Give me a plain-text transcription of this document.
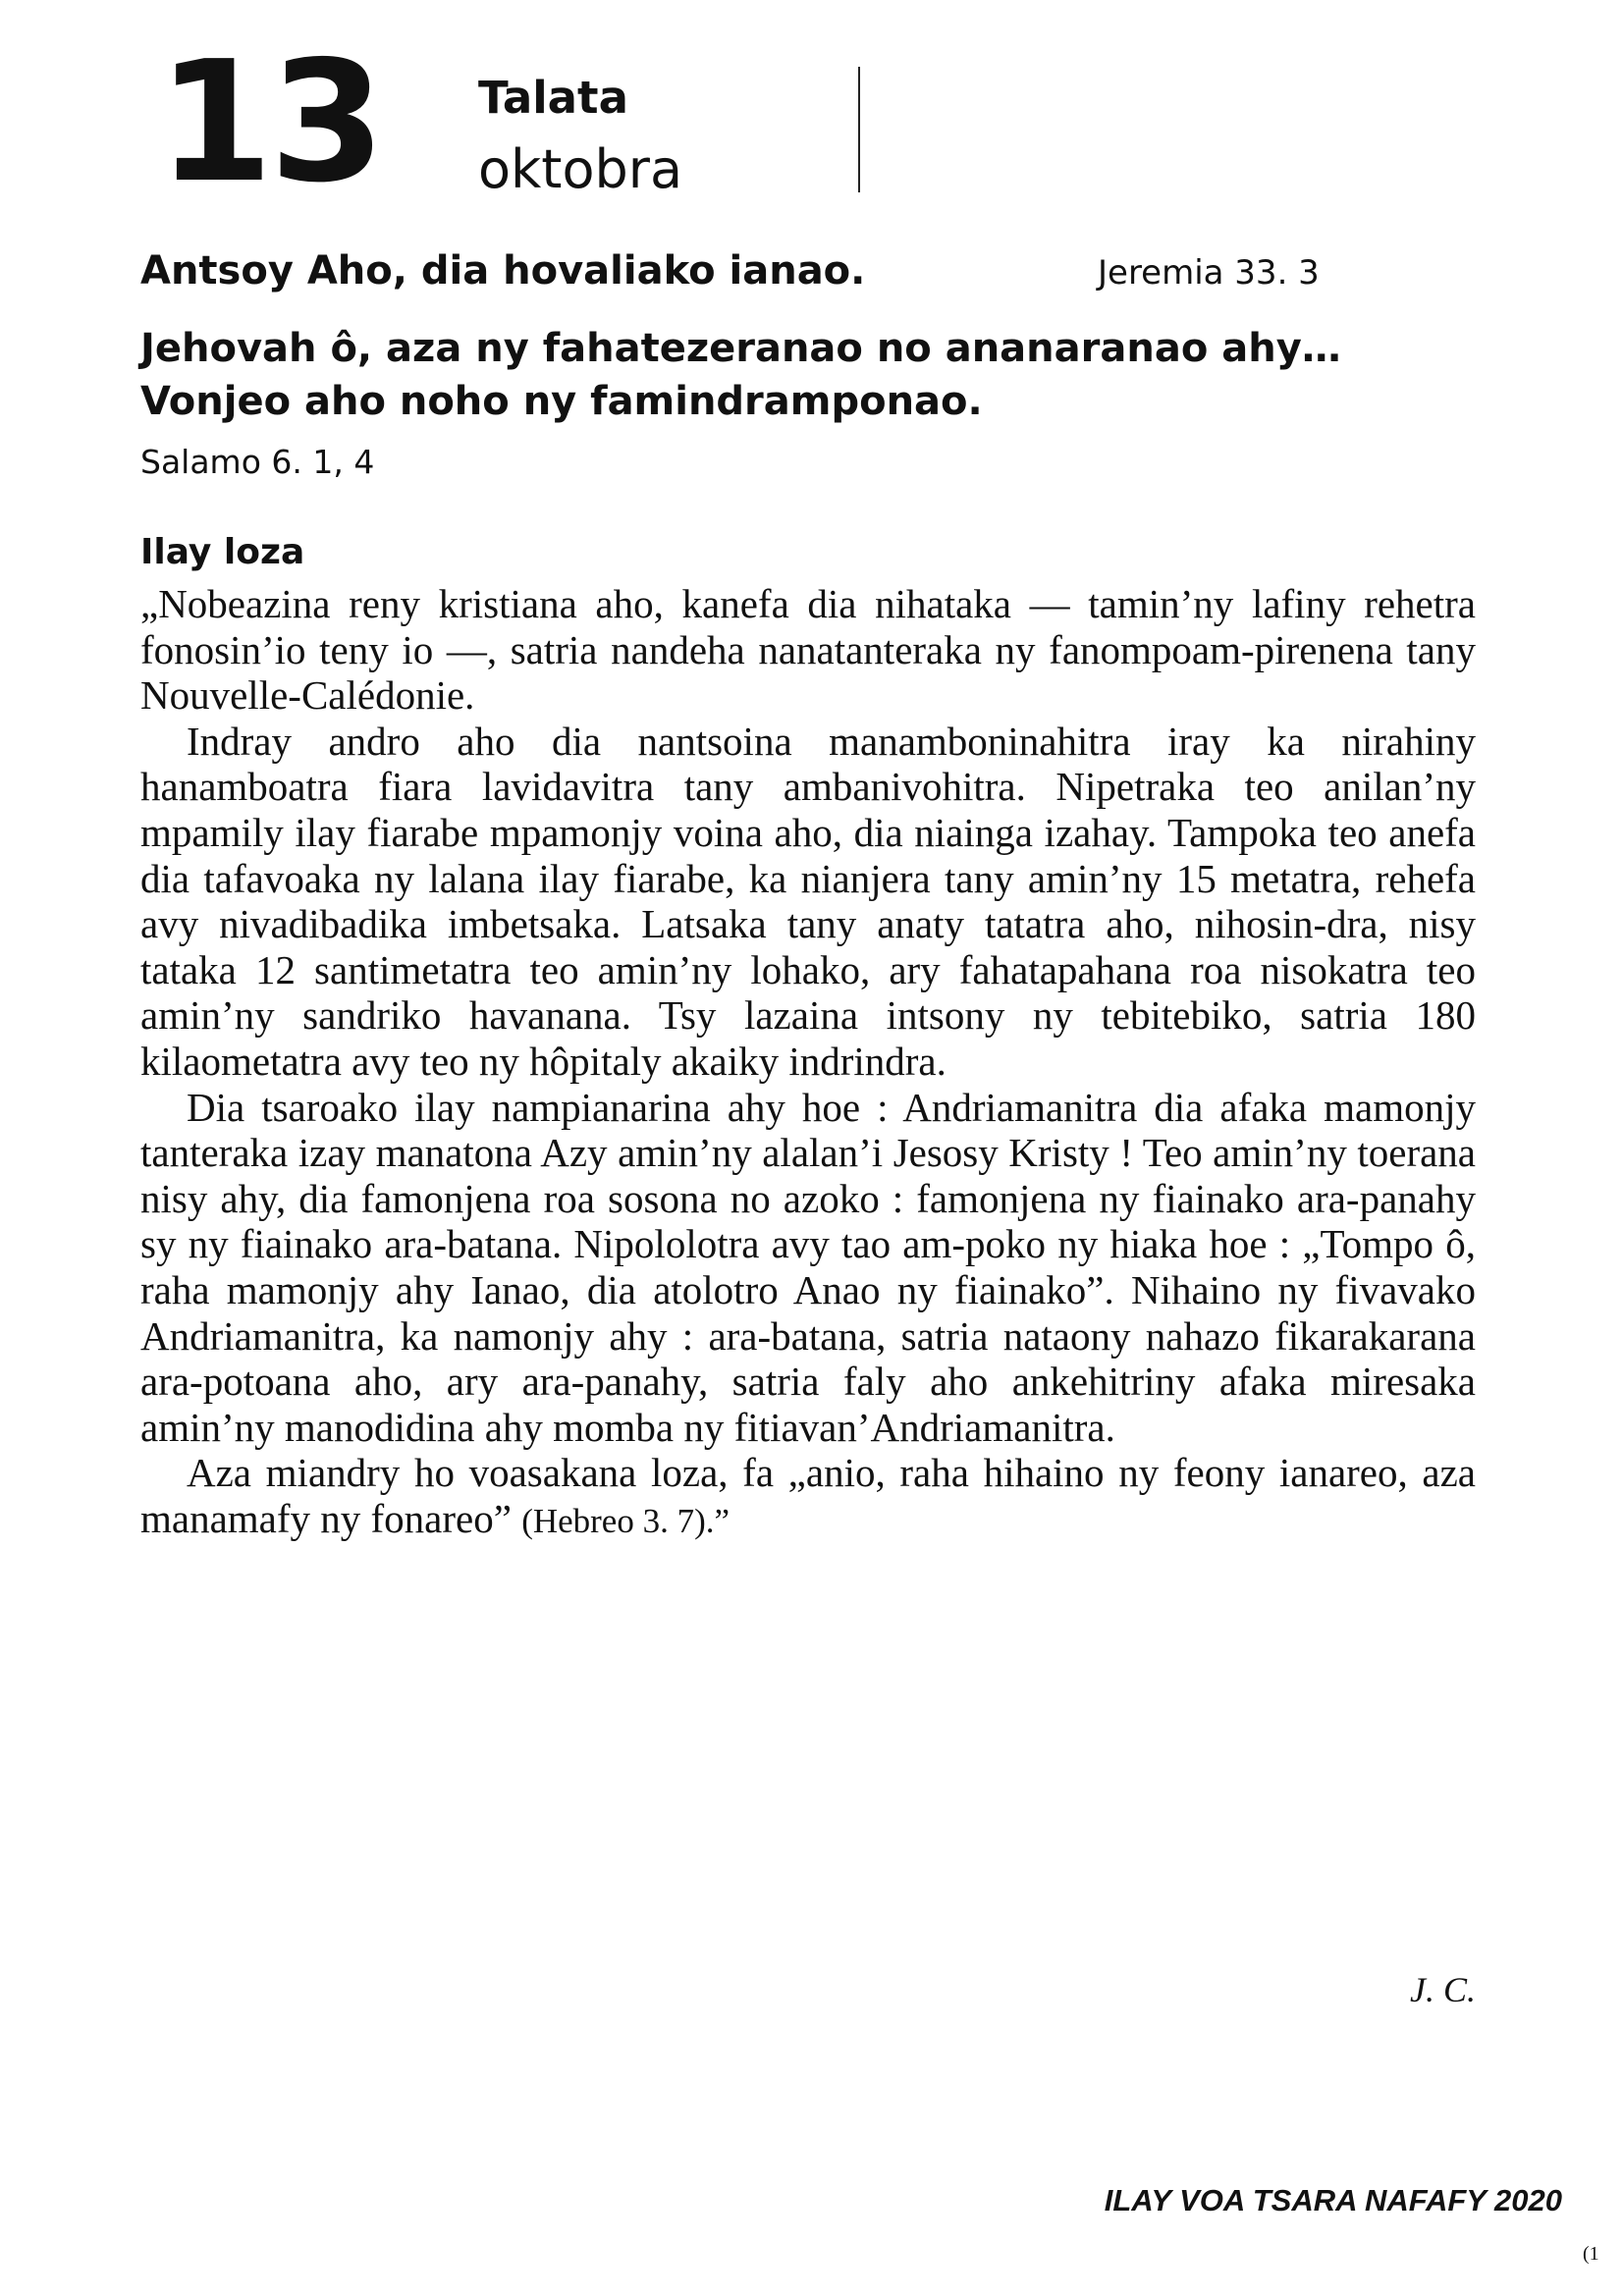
13 Talata
oktobra
Antsoy Aho, dia hovaliako ianao.	Jeremia 33. 3
Jehovah ô, aza ny fahatezeranao no ananaranao ahy… Vonjeo aho noho ny famindramponao.
Salamo 6. 1, 4
Ilay loza

„Nobeazina reny kristiana aho, kanefa dia nihataka — tamin’ny lafiny rehetra fonosin’io teny io —, satria nandeha nanatanteraka ny fanompoam-pirenena tany Nouvelle-Calédonie.

Indray andro aho dia nantsoina manamboninahitra iray ka nirahiny hanamboatra fiara lavidavitra tany ambanivohitra. Nipetraka teo anilan’ny mpamily ilay fiarabe mpamonjy voina aho, dia niainga izahay. Tampoka teo anefa dia tafavoaka ny lalana ilay fiarabe, ka nianjera tany amin’ny 15 metatra, rehefa avy nivadibadika imbetsaka. Latsaka tany anaty tatatra aho, nihosin-dra, nisy tataka 12 santimetatra teo amin’ny lohako, ary fahatapahana roa nisokatra teo amin’ny sandriko havanana. Tsy lazaina intsony ny tebitebiko, satria 180 kilaometatra avy teo ny hôpitaly akaiky indrindra.

Dia tsaroako ilay nampianarina ahy hoe : Andriamanitra dia afaka mamonjy tanteraka izay manatona Azy amin’ny alalan’i Jesosy Kristy ! Teo amin’ny toerana nisy ahy, dia famonjena roa sosona no azoko : famonjena ny fiainako ara-panahy sy ny fiainako ara-batana. Nipololotra avy tao am-poko ny hiaka hoe : „Tompo ô, raha mamonjy ahy Ianao, dia atolotro Anao ny fiainako”. Nihaino ny fivavako Andriamanitra, ka namonjy ahy : ara-batana, satria nataony nahazo fikarakarana ara-potoana aho, ary ara-panahy, satria faly aho ankehitriny afaka miresaka amin’ny manodidina ahy momba ny fitiavan’Andriamanitra.

Aza miandry ho voasakana loza, fa „anio, raha hihaino ny feony ianareo, aza manamafy ny fonareo” (Hebreo 3. 7).”

J. C.
ILAY VOA TSARA NAFAFY 2020
(1
